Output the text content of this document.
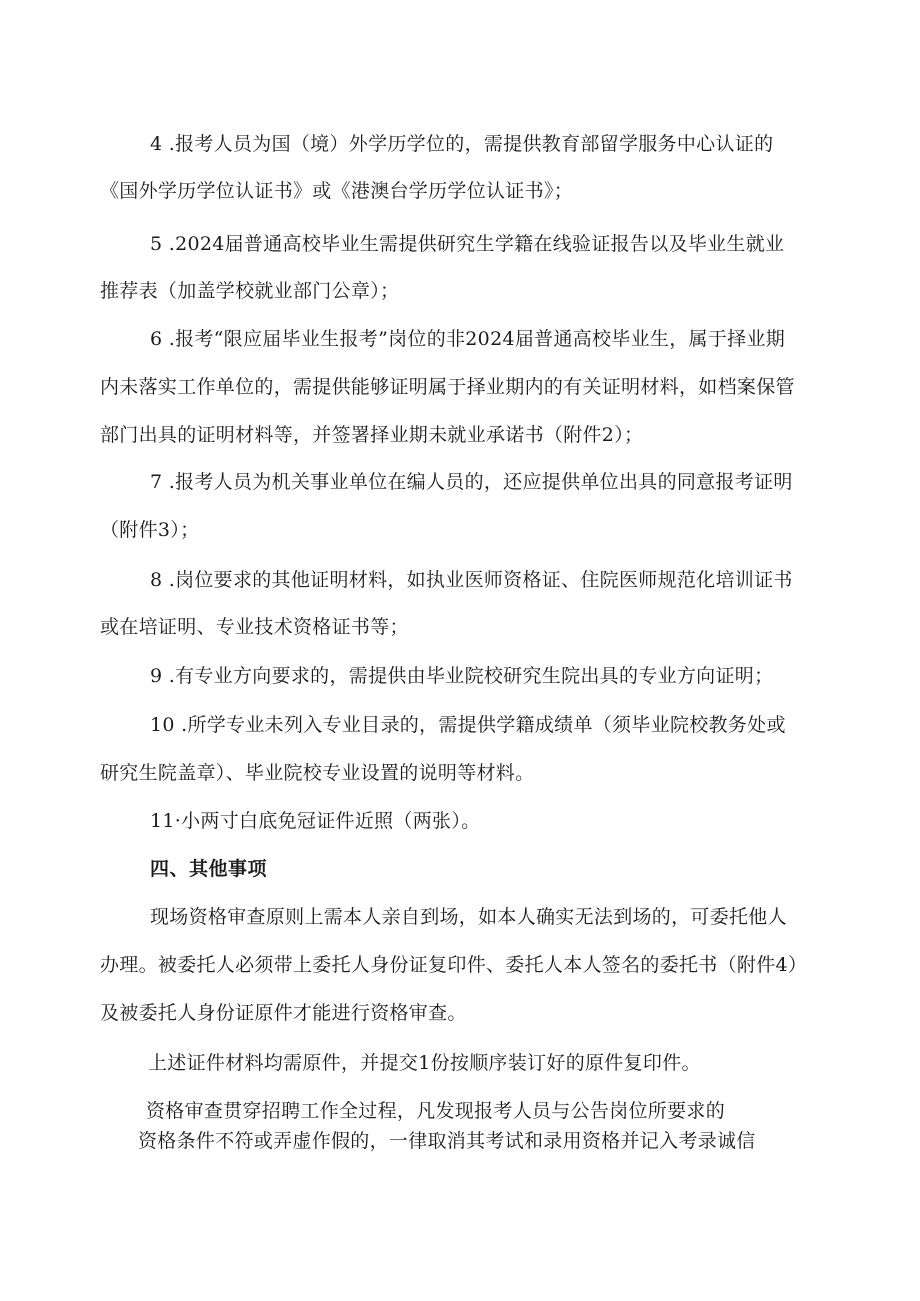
4 .报考人员为国（境）外学历学位的，需提供教育部留学服务中心认证的
《国外学历学位认证书》或《港澳台学历学位认证书》；
5 .2024届普通高校毕业生需提供研究生学籍在线验证报告以及毕业生就业
推荐表（加盖学校就业部门公章）；
6 .报考“限应届毕业生报考”岗位的非2024届普通高校毕业生，属于择业期
内未落实工作单位的，需提供能够证明属于择业期内的有关证明材料，如档案保管
部门出具的证明材料等，并签署择业期未就业承诺书（附件2）；
7 .报考人员为机关事业单位在编人员的，还应提供单位出具的同意报考证明
（附件3）；
8 .岗位要求的其他证明材料，如执业医师资格证、住院医师规范化培训证书
或在培证明、专业技术资格证书等；
9 .有专业方向要求的，需提供由毕业院校研究生院出具的专业方向证明；
10 .所学专业未列入专业目录的，需提供学籍成绩单（须毕业院校教务处或
研究生院盖章）、毕业院校专业设置的说明等材料。
11·小两寸白底免冠证件近照（两张）。
四、其他事项
现场资格审查原则上需本人亲自到场，如本人确实无法到场的，可委托他人
办理。被委托人必须带上委托人身份证复印件、委托人本人签名的委托书（附件4）
及被委托人身份证原件才能进行资格审查。
上述证件材料均需原件，并提交1份按顺序装订好的原件复印件。
资格审查贯穿招聘工作全过程，凡发现报考人员与公告岗位所要求的
资格条件不符或弄虚作假的，一律取消其考试和录用资格并记入考录诚信
